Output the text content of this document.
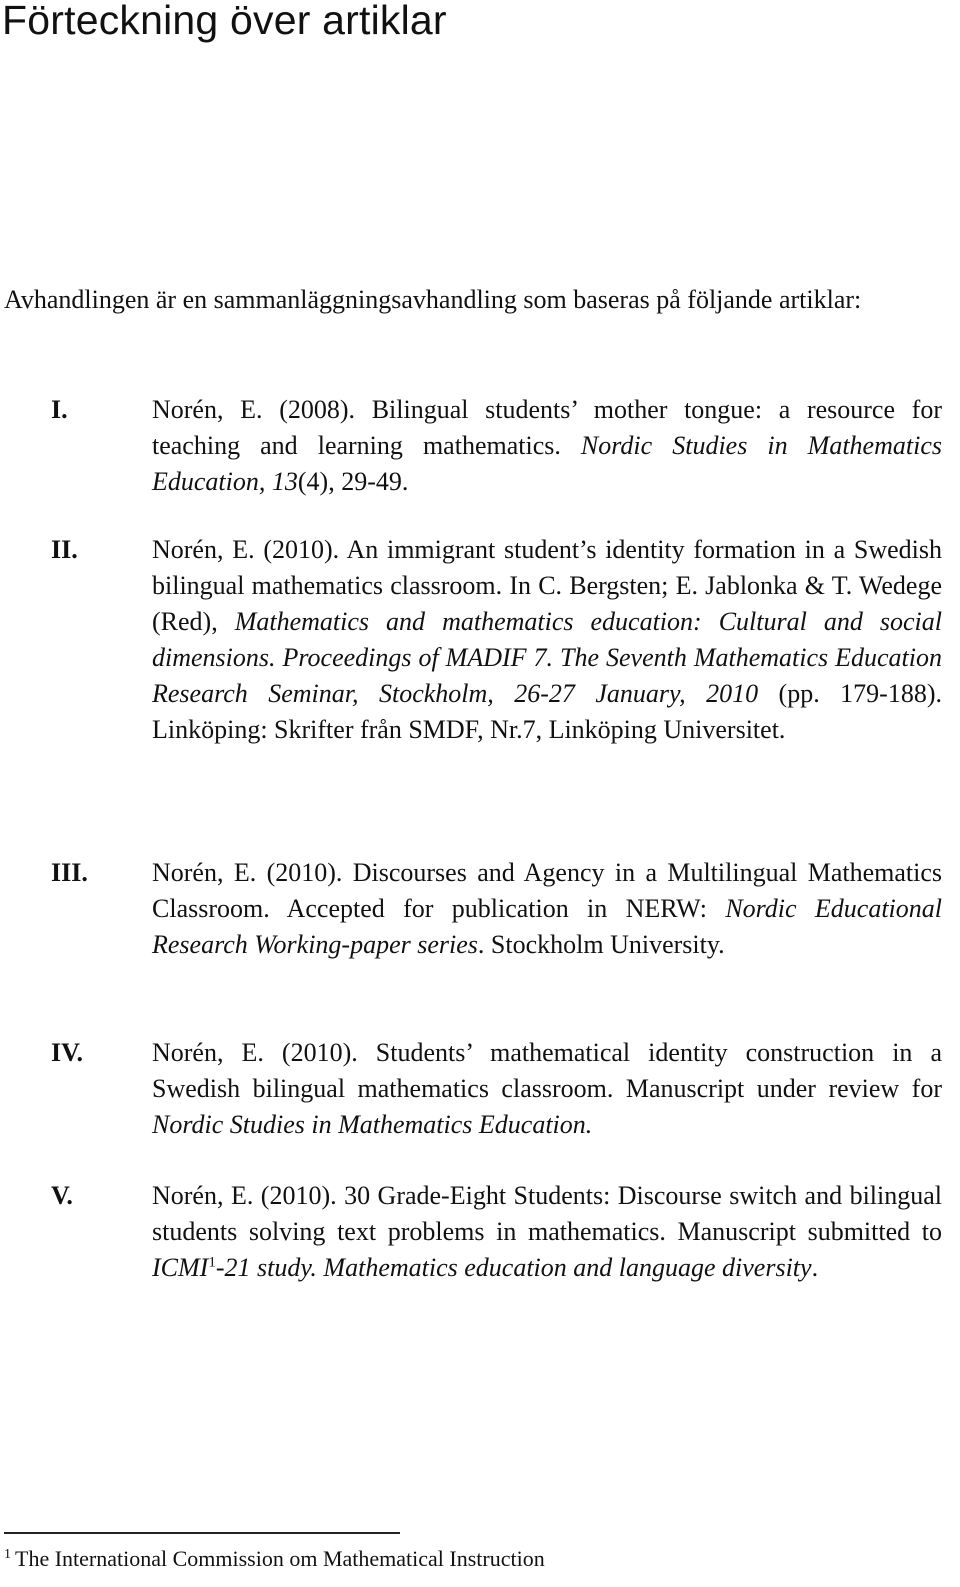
Förteckning över artiklar

Avhandlingen är en sammanläggningsavhandling som baseras på följande artiklar:

I.	Norén, E. (2008). Bilingual students’ mother tongue: a resource for teaching and learning mathematics. Nordic Studies in Mathematics Education, 13(4), 29-49.

II.	Norén, E. (2010). An immigrant student’s identity formation in a Swedish bilingual mathematics classroom. In C. Bergsten; E. Jablonka & T. Wedege (Red), Mathematics and mathematics education: Cultural and social dimensions. Proceedings of MADIF 7. The Seventh Mathematics Education Research Seminar, Stockholm, 26-27 January, 2010 (pp. 179-188). Linköping: Skrifter från SMDF, Nr.7, Linköping Universitet.

III. Norén, E. (2010). Discourses and Agency in a Multilingual Mathematics Classroom. Accepted for publication in NERW: Nordic Educational Research Working-paper series. Stockholm University.

IV.	Norén, E. (2010). Students’ mathematical identity construction in a Swedish bilingual mathematics classroom. Manuscript under review for Nordic Studies in Mathematics Education.

V.	Norén, E. (2010). 30 Grade-Eight Students: Discourse switch and bilingual students solving text problems in mathematics. Manuscript submitted to ICMI$^1$-21 study. Mathematics education and language diversity.

$^1$ The International Commission om Mathematical Instruction
